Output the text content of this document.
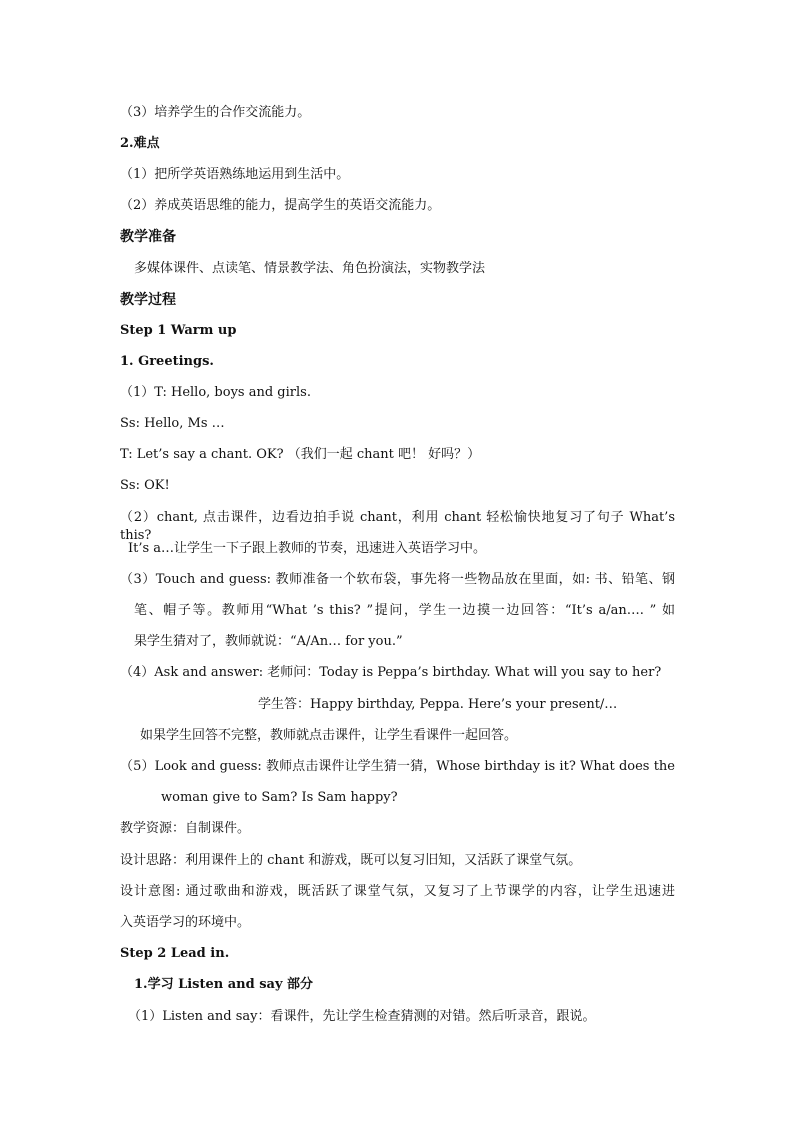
（3）培养学生的合作交流能力。
2.难点
（1）把所学英语熟练地运用到生活中。
（2）养成英语思维的能力，提高学生的英语交流能力。
教学准备
多媒体课件、点读笔、情景教学法、角色扮演法，实物教学法
教学过程
Step 1 Warm up
1. Greetings.
（1）T: Hello, boys and girls.
Ss: Hello, Ms …
T: Let’s say a chant. OK? （我们一起 chant 吧！ 好吗？）
Ss: OK!
（2）chant, 点击课件，边看边拍手说 chant，利用 chant 轻松愉快地复习了句子 What’s this?
It’s a…让学生一下子跟上教师的节奏，迅速进入英语学习中。
（3）Touch and guess: 教师准备一个软布袋，事先将一些物品放在里面，如: 书、铅笔、钢
笔、帽子等。教师用“What ’s this? ”提问，学生一边摸一边回答：“It’s a/an…. ” 如
果学生猜对了，教师就说：“A/An… for you.”
（4）Ask and answer: 老师问：Today is Peppa’s birthday. What will you say to her?
学生答：Happy birthday, Peppa. Here’s your present/…
如果学生回答不完整，教师就点击课件，让学生看课件一起回答。
（5）Look and guess: 教师点击课件让学生猜一猜，Whose birthday is it? What does the
woman give to Sam? Is Sam happy?
教学资源：自制课件。
设计思路：利用课件上的 chant 和游戏，既可以复习旧知，又活跃了课堂气氛。
设计意图: 通过歌曲和游戏，既活跃了课堂气氛，又复习了上节课学的内容，让学生迅速进
入英语学习的环境中。
Step 2 Lead in.
1.学习 Listen and say 部分
（1）Listen and say：看课件，先让学生检查猜测的对错。然后听录音，跟说。
